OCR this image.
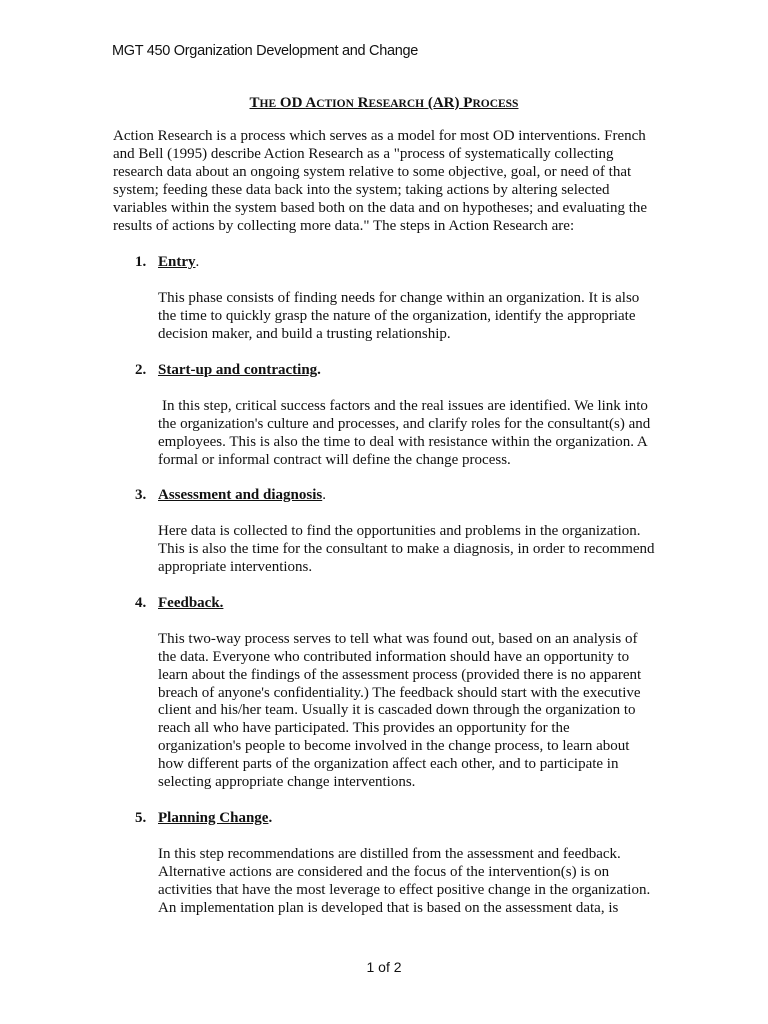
MGT 450 Organization Development and Change
THE OD ACTION RESEARCH (AR) PROCESS
Action Research is a process which serves as a model for most OD interventions. French and Bell (1995) describe Action Research as a "process of systematically collecting research data about an ongoing system relative to some objective, goal, or need of that system; feeding these data back into the system; taking actions by altering selected variables within the system based both on the data and on hypotheses; and evaluating the results of actions by collecting more data." The steps in Action Research are:
1. Entry.
This phase consists of finding needs for change within an organization. It is also the time to quickly grasp the nature of the organization, identify the appropriate decision maker, and build a trusting relationship.
2. Start-up and contracting.
In this step, critical success factors and the real issues are identified. We link into the organization's culture and processes, and clarify roles for the consultant(s) and employees. This is also the time to deal with resistance within the organization. A formal or informal contract will define the change process.
3. Assessment and diagnosis.
Here data is collected to find the opportunities and problems in the organization. This is also the time for the consultant to make a diagnosis, in order to recommend appropriate interventions.
4. Feedback.
This two-way process serves to tell what was found out, based on an analysis of the data. Everyone who contributed information should have an opportunity to learn about the findings of the assessment process (provided there is no apparent breach of anyone's confidentiality.) The feedback should start with the executive client and his/her team. Usually it is cascaded down through the organization to reach all who have participated. This provides an opportunity for the organization's people to become involved in the change process, to learn about how different parts of the organization affect each other, and to participate in selecting appropriate change interventions.
5. Planning Change.
In this step recommendations are distilled from the assessment and feedback. Alternative actions are considered and the focus of the intervention(s) is on activities that have the most leverage to effect positive change in the organization. An implementation plan is developed that is based on the assessment data, is
1 of 2
